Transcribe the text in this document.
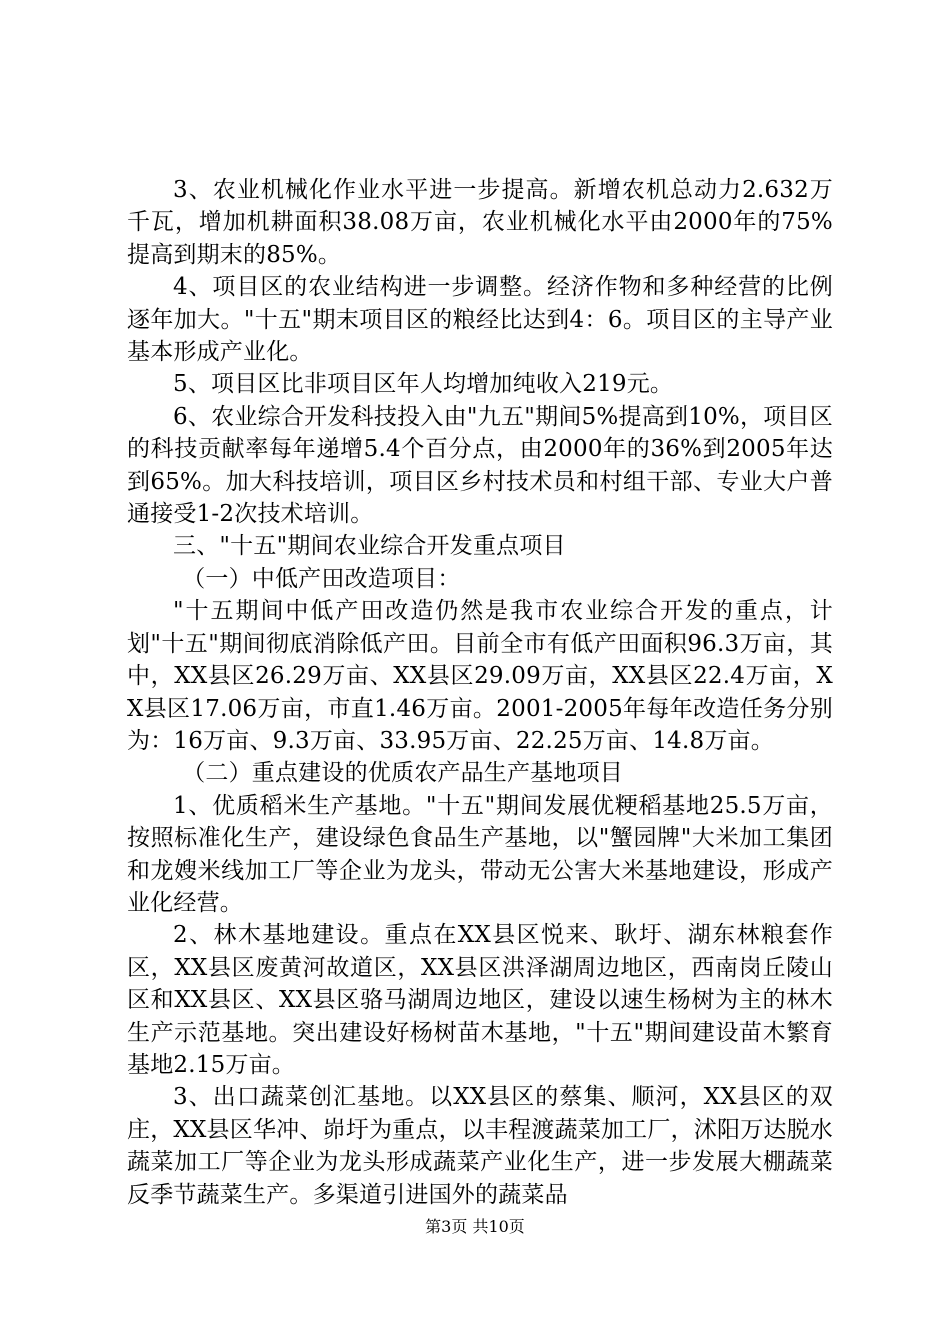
3、农业机械化作业水平进一步提高。新增农机总动力2.632万千瓦，增加机耕面积38.08万亩，农业机械化水平由2000年的75%提高到期末的85%。

4、项目区的农业结构进一步调整。经济作物和多种经营的比例逐年加大。"十五"期末项目区的粮经比达到4：6。项目区的主导产业基本形成产业化。

5、项目区比非项目区年人均增加纯收入219元。

6、农业综合开发科技投入由"九五"期间5%提高到10%，项目区的科技贡献率每年递增5.4个百分点，由2000年的36%到2005年达到65%。加大科技培训，项目区乡村技术员和村组干部、专业大户普通接受1-2次技术培训。

三、"十五"期间农业综合开发重点项目

（一）中低产田改造项目：

"十五期间中低产田改造仍然是我市农业综合开发的重点，计划"十五"期间彻底消除低产田。目前全市有低产田面积96.3万亩，其中，XX县区26.29万亩、XX县区29.09万亩，XX县区22.4万亩，XX县区17.06万亩，市直1.46万亩。2001-2005年每年改造任务分别为：16万亩、9.3万亩、33.95万亩、22.25万亩、14.8万亩。

（二）重点建设的优质农产品生产基地项目

1、优质稻米生产基地。"十五"期间发展优粳稻基地25.5万亩，按照标准化生产，建设绿色食品生产基地，以"蟹园牌"大米加工集团和龙嫂米线加工厂等企业为龙头，带动无公害大米基地建设，形成产业化经营。

2、林木基地建设。重点在XX县区悦来、耿圩、湖东林粮套作区，XX县区废黄河故道区，XX县区洪泽湖周边地区，西南岗丘陵山区和XX县区、XX县区骆马湖周边地区，建设以速生杨树为主的林木生产示范基地。突出建设好杨树苗木基地，"十五"期间建设苗木繁育基地2.15万亩。

3、出口蔬菜创汇基地。以XX县区的蔡集、顺河，XX县区的双庄，XX县区华冲、峁圩为重点，以丰程渡蔬菜加工厂，沭阳万达脱水蔬菜加工厂等企业为龙头形成蔬菜产业化生产，进一步发展大棚蔬菜反季节蔬菜生产。多渠道引进国外的蔬菜品

第3页 共10页
